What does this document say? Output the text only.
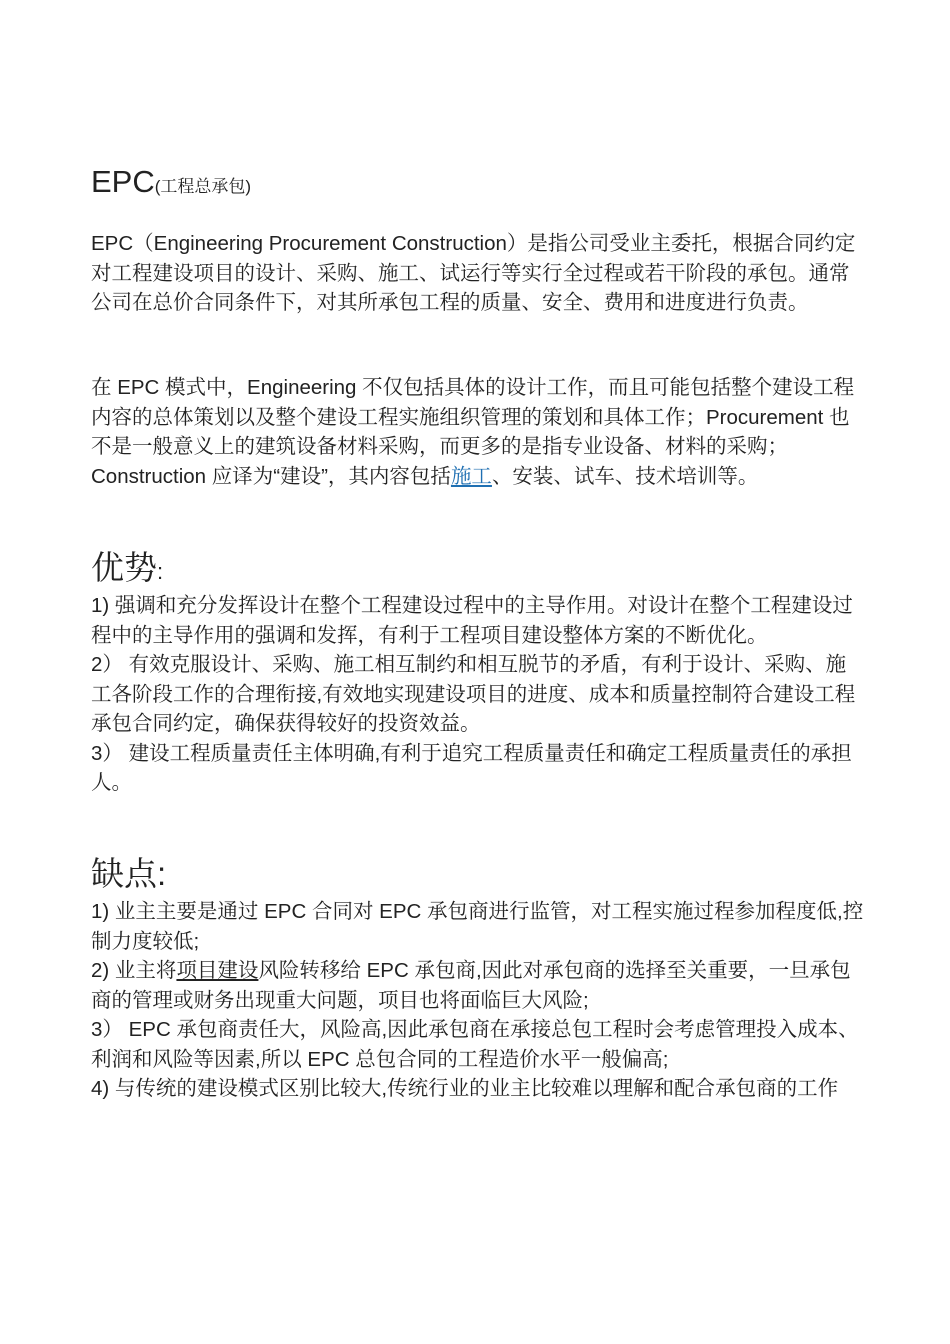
EPC(工程总承包)

EPC（Engineering Procurement Construction）是指公司受业主委托，根据合同约定对工程建设项目的设计、采购、施工、试运行等实行全过程或若干阶段的承包。通常公司在总价合同条件下，对其所承包工程的质量、安全、费用和进度进行负责。

在 EPC 模式中，Engineering 不仅包括具体的设计工作，而且可能包括整个建设工程内容的总体策划以及整个建设工程实施组织管理的策划和具体工作；Procurement 也不是一般意义上的建筑设备材料采购，而更多的是指专业设备、材料的采购；Construction 应译为“建设”，其内容包括施工、安装、试车、技术培训等。

优势:

1) 强调和充分发挥设计在整个工程建设过程中的主导作用。对设计在整个工程建设过程中的主导作用的强调和发挥，有利于工程项目建设整体方案的不断优化。

2） 有效克服设计、采购、施工相互制约和相互脱节的矛盾，有利于设计、采购、施工各阶段工作的合理衔接,有效地实现建设项目的进度、成本和质量控制符合建设工程承包合同约定，确保获得较好的投资效益。

3） 建设工程质量责任主体明确,有利于追究工程质量责任和确定工程质量责任的承担人。

缺点:

1) 业主主要是通过 EPC 合同对 EPC 承包商进行监管，对工程实施过程参加程度低,控制力度较低;

2) 业主将项目建设风险转移给 EPC 承包商,因此对承包商的选择至关重要，一旦承包商的管理或财务出现重大问题，项目也将面临巨大风险;

3） EPC 承包商责任大，风险高,因此承包商在承接总包工程时会考虑管理投入成本、利润和风险等因素,所以 EPC 总包合同的工程造价水平一般偏高;

4) 与传统的建设模式区别比较大,传统行业的业主比较难以理解和配合承包商的工作
